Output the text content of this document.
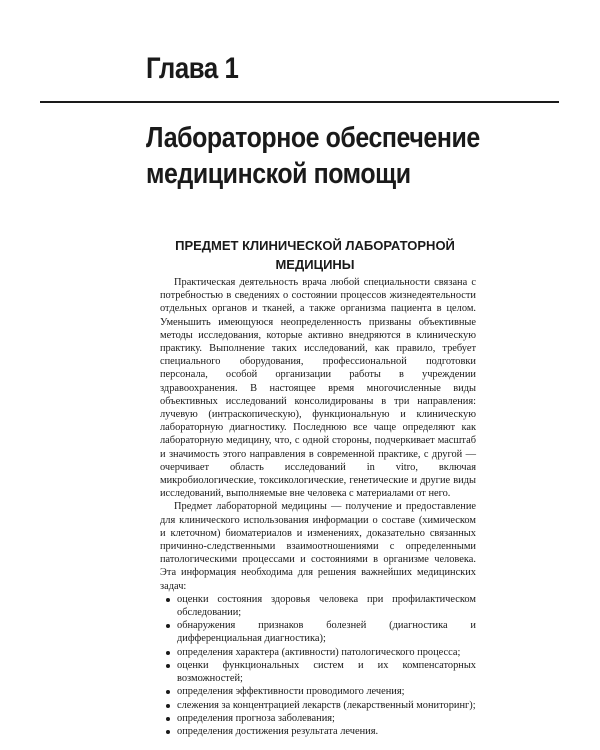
Глава 1
Лабораторное обеспечение
медицинской помощи
ПРЕДМЕТ КЛИНИЧЕСКОЙ ЛАБОРАТОРНОЙ
МЕДИЦИНЫ

Практическая деятельность врача любой специальности связана с потребностью в сведениях о состоянии процессов жизнедеятельности отдельных органов и тканей, а также организма пациента в целом. Уменьшить имеющуюся неопределенность призваны объективные методы исследования, которые активно внедряются в клиническую практику. Выполнение таких исследований, как правило, требует специального оборудования, профессиональной подготовки персонала, особой организации работы в учреждении здравоохранения. В настоящее время многочисленные виды объективных исследований консолидированы в три направления: лучевую (интраскопическую), функциональную и клиническую лабораторную диагностику. Последнюю все чаще определяют как лабораторную медицину, что, с одной стороны, подчеркивает масштаб и значимость этого направления в современной практике, с другой — очерчивает область исследований in vitro, включая микробиологические, токсикологические, генетические и другие виды исследований, выполняемые вне человека с материалами от него.

Предмет лабораторной медицины — получение и предоставление для клинического использования информации о составе (химическом и клеточном) биоматериалов и изменениях, доказательно связанных причинно-следственными взаимоотношениями с определенными патологическими процессами и состояниями в организме человека. Эта информация необходима для решения важнейших медицинских задач:

оценки состояния здоровья человека при профилактическом обследовании;
обнаружения признаков болезней (диагностика и дифференциальная диагностика);
определения характера (активности) патологического процесса;
оценки функциональных систем и их компенсаторных возможностей;
определения эффективности проводимого лечения;
слежения за концентрацией лекарств (лекарственный мониторинг);
определения прогноза заболевания;
определения достижения результата лечения.
